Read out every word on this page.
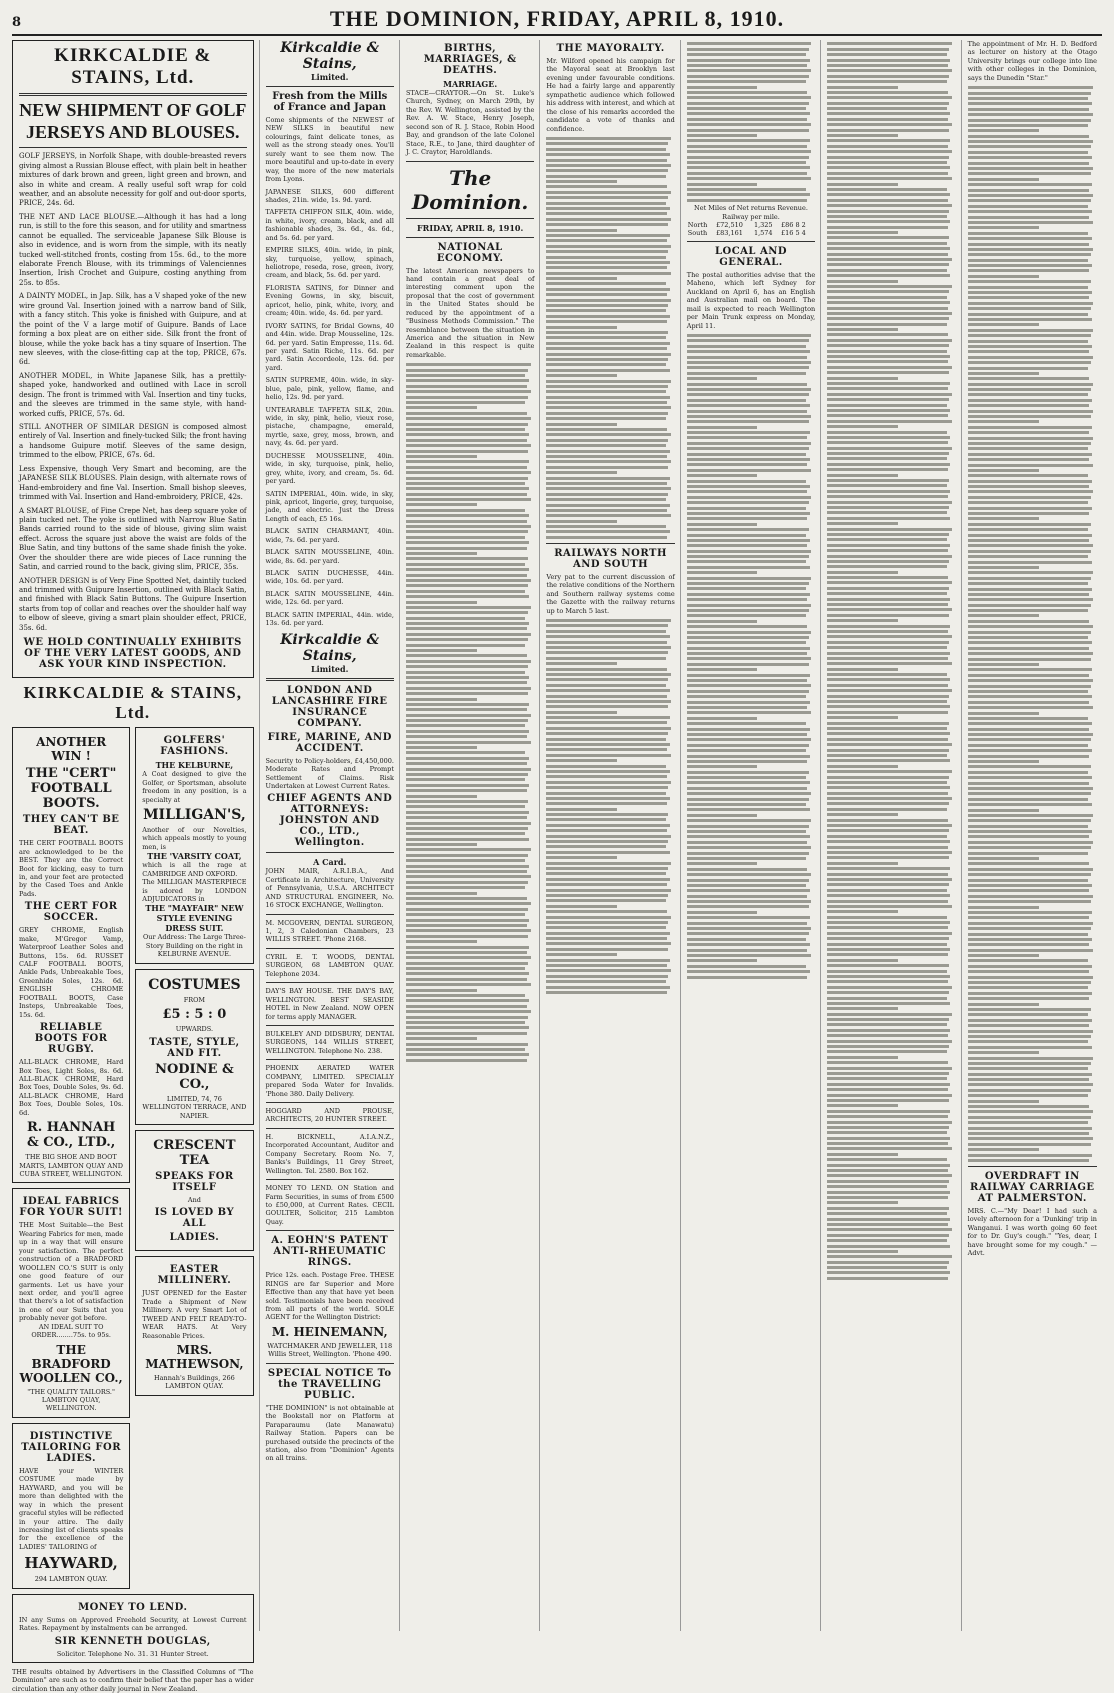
8	THE DOMINION, FRIDAY, APRIL 8, 1910.
KIRKCALDIE & STAINS, Ltd.
NEW SHIPMENT OF GOLF JERSEYS AND BLOUSES.
GOLF JERSEYS, in Norfolk Shape, with double-breasted revers giving almost a Russian Blouse effect, with plain belt in heather mixtures of dark brown and green, light green and brown, and also in white and cream. A really useful soft wrap for cold weather, and an absolute necessity for golf and out-door sports, PRICE, 24s. 6d.
THE NET AND LACE BLOUSE.—Although it has had a long run, is still to the fore this season, and for utility and smartness cannot be equalled. The serviceable Japanese Silk Blouse is also in evidence, and is worn from the simple, with its neatly tucked well-stitched fronts, costing from 15s. 6d., to the more elaborate French Blouse, with its trimmings of Valenciennes Insertion, Irish Crochet and Guipure, costing anything from 25s. to 85s.
A DAINTY MODEL, in Jap. Silk, has a V shaped yoke of the new wire ground Val. Insertion joined with a narrow band of Silk, with a fancy stitch. This yoke is finished with Guipure, and at the point of the V a large motif of Guipure. Bands of Lace forming a box pleat are on either side. Silk front the front of blouse, while the yoke back has a tiny square of Insertion. The new sleeves, with the close-fitting cap at the top, PRICE, 67s. 6d.
ANOTHER MODEL, in White Japanese Silk, has a prettily-shaped yoke, handworked and outlined with Lace in scroll design. The front is trimmed with Val. Insertion and tiny tucks, and the sleeves are trimmed in the same style, with hand-worked cuffs, PRICE, 57s. 6d.
STILL ANOTHER OF SIMILAR DESIGN is composed almost entirely of Val. Insertion and finely-tucked Silk; the front having a handsome Guipure motif. Sleeves of the same design, trimmed to the elbow, PRICE, 67s. 6d.
Less Expensive, though Very Smart and becoming, are the JAPANESE SILK BLOUSES. Plain design, with alternate rows of Hand-embroidery and fine Val. Insertion. Small bishop sleeves, trimmed with Val. Insertion and Hand-embroidery, PRICE, 42s.
A SMART BLOUSE, of Fine Crepe Net, has deep square yoke of plain tucked net. The yoke is outlined with Narrow Blue Satin Bands carried round to the side of blouse, giving slim waist effect. Across the square just above the waist are folds of the Blue Satin, and tiny buttons of the same shade finish the yoke. Over the shoulder there are wide pieces of Lace running the Satin, and carried round to the back, giving slim, PRICE, 35s.
ANOTHER DESIGN is of Very Fine Spotted Net, daintily tucked and trimmed with Guipure Insertion, outlined with Black Satin, and finished with Black Satin Buttons. The Guipure Insertion starts from top of collar and reaches over the shoulder half way to elbow of sleeve, giving a smart plain shoulder effect, PRICE, 35s. 6d.
WE HOLD CONTINUALLY EXHIBITS OF THE VERY LATEST GOODS, AND ASK YOUR KIND INSPECTION.
KIRKCALDIE & STAINS, Ltd.
ANOTHER WIN !
THE "CERT" FOOTBALL BOOTS.
THEY CAN'T BE BEAT.
THE CERT FOOTBALL BOOTS are acknowledged to be the BEST. They are the Correct Boot for kicking, easy to turn in, and your feet are protected by the Cased Toes and Ankle Pads.
THE CERT FOR SOCCER.
GREY CHROME, English make, M'Gregor Vamp, Waterproof Leather Soles and Buttons, 15s. 6d. RUSSET CALF FOOTBALL BOOTS, Ankle Pads, Unbreakable Toes, Greenhide Soles, 12s. 6d. ENGLISH CHROME FOOTBALL BOOTS, Case Insteps, Unbreakable Toes, 15s. 6d.
RELIABLE BOOTS FOR RUGBY.
ALL-BLACK CHROME, Hard Box Toes, Light Soles, 8s. 6d. ALL-BLACK CHROME, Hard Box Toes, Double Soles, 9s. 6d. ALL-BLACK CHROME, Hard Box Toes, Double Soles, 10s. 6d.
R. HANNAH & CO., LTD.,
THE BIG SHOE AND BOOT MARTS, LAMBTON QUAY AND CUBA STREET, WELLINGTON.
IDEAL FABRICS FOR YOUR SUIT!
THE Most Suitable—the Best Wearing Fabrics for men, made up in a way that will ensure your satisfaction. The perfect construction of a BRADFORD WOOLLEN CO.'S SUIT is only one good feature of our garments. Let us have your next order, and you'll agree that there's a lot of satisfaction in one of our Suits that you probably never got before.
AN IDEAL SUIT TO ORDER........75s. to 95s.
THE BRADFORD WOOLLEN CO.,
"THE QUALITY TAILORS." LAMBTON QUAY, WELLINGTON.
DISTINCTIVE TAILORING FOR LADIES.
HAVE your WINTER COSTUME made by HAYWARD, and you will be more than delighted with the way in which the present graceful styles will be reflected in your attire. The daily increasing list of clients speaks for the excellence of the LADIES' TAILORING of
HAYWARD,
294 LAMBTON QUAY.
GOLFERS' FASHIONS.
THE KELBURNE,
A Coat designed to give the Golfer, or Sportsman, absolute freedom in any position, is a specialty at
MILLIGAN'S,
Another of our Novelties, which appeals mostly to young men, is
THE 'VARSITY COAT,
which is all the rage at CAMBRIDGE AND OXFORD.
The MILLIGAN MASTERPIECE is adored by LONDON ADJUDICATORS in
THE "MAYFAIR" NEW STYLE EVENING DRESS SUIT.
Our Address: The Large Three-Story Building on the right in KELBURNE AVENUE.
COSTUMES
FROM
£5 : 5 : 0
UPWARDS.
TASTE, STYLE, AND FIT.
NODINE & CO.,
LIMITED, 74, 76 WELLINGTON TERRACE, AND NAPIER.
CRESCENT TEA
SPEAKS FOR ITSELF
And
IS LOVED BY ALL
LADIES.
EASTER MILLINERY.
JUST OPENED for the Easter Trade a Shipment of New Millinery. A very Smart Lot of TWEED AND FELT READY-TO-WEAR HATS. At Very Reasonable Prices.
MRS. MATHEWSON,
Hannah's Buildings, 266 LAMBTON QUAY.
MONEY TO LEND.
IN any Sums on Approved Freehold Security, at Lowest Current Rates. Repayment by instalments can be arranged.
SIR KENNETH DOUGLAS,
Solicitor. Telephone No. 31. 31 Hunter Street.
THE results obtained by Advertisers in the Classified Columns of "The Dominion" are such as to confirm their belief that the paper has a wider circulation than any other daily journal in New Zealand.
Kirkcaldie & Stains,
Limited.
Fresh from the Mills of France and Japan
Come shipments of the NEWEST of NEW SILKS in beautiful new colourings, faint delicate tones, as well as the strong steady ones. You'll surely want to see them now. The more beautiful and up-to-date in every way, the more of the new materials from Lyons.
JAPANESE SILKS, 600 different shades, 21in. wide, 1s. 9d. yard.
TAFFETA CHIFFON SILK, 40in. wide, in white, ivory, cream, black, and all fashionable shades, 3s. 6d., 4s. 6d., and 5s. 6d. per yard.
EMPIRE SILKS, 40in. wide, in pink, sky, turquoise, yellow, spinach, heliotrope, reseda, rose, green, ivory, cream, and black, 5s. 6d. per yard.
FLORISTA SATINS, for Dinner and Evening Gowns, in sky, biscuit, apricot, helio, pink, white, ivory, and cream; 40in. wide, 4s. 6d. per yard.
IVORY SATINS, for Bridal Gowns, 40 and 44in. wide. Drap Mousseline, 12s. 6d. per yard. Satin Empresse, 11s. 6d. per yard. Satin Riche, 11s. 6d. per yard. Satin Accordeole, 12s. 6d. per yard.
SATIN SUPREME, 40in. wide, in sky-blue, pale, pink, yellow, flame, and helio, 12s. 9d. per yard.
UNTEARABLE TAFFETA SILK, 20in. wide, in sky, pink, helio, vieux rose, pistache, champagne, emerald, myrtle, saxe, grey, moss, brown, and navy, 4s. 6d. per yard.
DUCHESSE MOUSSELINE, 40in. wide, in sky, turquoise, pink, helio, grey, white, ivory, and cream, 5s. 6d. per yard.
SATIN IMPERIAL, 40in. wide, in sky, pink, apricot, lingerie, grey, turquoise, jade, and electric. Just the Dress Length of each, £5 16s.
BLACK SATIN CHARMANT, 40in. wide, 7s. 6d. per yard.
BLACK SATIN MOUSSELINE, 40in. wide, 8s. 6d. per yard.
BLACK SATIN DUCHESSE, 44in. wide, 10s. 6d. per yard.
BLACK SATIN MOUSSELINE, 44in. wide, 12s. 6d. per yard.
BLACK SATIN IMPERIAL, 44in. wide, 13s. 6d. per yard.
Kirkcaldie & Stains,
Limited.
LONDON AND LANCASHIRE FIRE INSURANCE COMPANY.
FIRE, MARINE, AND ACCIDENT.
Security to Policy-holders, £4,450,000. Moderate Rates and Prompt Settlement of Claims. Risk Undertaken at Lowest Current Rates.
CHIEF AGENTS AND ATTORNEYS: JOHNSTON AND CO., LTD., Wellington.
A Card.
JOHN MAIR, A.R.I.B.A., And Certificate in Architecture, University of Pennsylvania, U.S.A. ARCHITECT AND STRUCTURAL ENGINEER, No. 16 STOCK EXCHANGE, Wellington.
M. MCGOVERN, DENTAL SURGEON, 1, 2, 3 Caledonian Chambers, 23 WILLIS STREET. 'Phone 2168.
CYRIL E. T. WOODS, DENTAL SURGEON, 68 LAMBTON QUAY. Telephone 2034.
DAY'S BAY HOUSE. THE DAY'S BAY, WELLINGTON. BEST SEASIDE HOTEL in New Zealand. NOW OPEN for terms apply MANAGER.
BULKELEY AND DIDSBURY, DENTAL SURGEONS, 144 WILLIS STREET, WELLINGTON. Telephone No. 238.
PHOENIX AERATED WATER COMPANY, LIMITED. SPECIALLY prepared Soda Water for Invalids. 'Phone 380. Daily Delivery.
HOGGARD AND PROUSE, ARCHITECTS, 20 HUNTER STREET.
H. BICKNELL, A.I.A.N.Z., Incorporated Accountant, Auditor and Company Secretary. Room No. 7, Banks's Buildings, 11 Grey Street, Wellington. Tel. 2580. Box 162.
MONEY TO LEND. ON Station and Farm Securities, in sums of from £500 to £50,000, at Current Rates. CECIL GOULTER, Solicitor, 215 Lambton Quay.
A. EOHN'S PATENT ANTI-RHEUMATIC RINGS.
Price 12s. each. Postage Free. THESE RINGS are far Superior and More Effective than any that have yet been sold. Testimonials have been received from all parts of the world. SOLE AGENT for the Wellington District:
M. HEINEMANN,
WATCHMAKER AND JEWELLER, 118 Willis Street, Wellington. 'Phone 490.
SPECIAL NOTICE To the TRAVELLING PUBLIC.
"THE DOMINION" is not obtainable at the Bookstall nor on Platform at Paraparaumu (late Manawatu) Railway Station. Papers can be purchased outside the precincts of the station, also from "Dominion" Agents on all trains.
BIRTHS, MARRIAGES, & DEATHS.
MARRIAGE.
STACE—CRAYTOR.—On St. Luke's Church, Sydney, on March 29th, by the Rev. W. Wellington, assisted by the Rev. A. W. Stace, Henry Joseph, second son of R. J. Stace, Robin Hood Bay, and grandson of the late Colonel Stace, R.E., to Jane, third daughter of J. C. Craytor, Haroldlands.
The Dominion.
FRIDAY, APRIL 8, 1910.
NATIONAL ECONOMY.
The latest American newspapers to hand contain a great deal of interesting comment upon the proposal that the cost of government in the United States should be reduced by the appointment of a "Business Methods Commission." The resemblance between the situation in America and the situation in New Zealand in this respect is quite remarkable.
THE MAYORALTY.
Mr. Wilford opened his campaign for the Mayoral seat at Brooklyn last evening under favourable conditions. He had a fairly large and apparently sympathetic audience which followed his address with interest, and which at the close of his remarks accorded the candidate a vote of thanks and confidence.
RAILWAYS NORTH AND SOUTH
Very pat to the current discussion of the relative conditions of the Northern and Southern railway systems come the Gazette with the railway returns up to March 5 last.
Net Miles of Net returns Revenue. Railway per mile.
North	£72,510	1,325	£86 8 2
South	£83,161	1,574	£16 5 4
LOCAL AND GENERAL.
The postal authorities advise that the Maheno, which left Sydney for Auckland on April 6, has an English and Australian mail on board. The mail is expected to reach Wellington per Main Trunk express on Monday, April 11.
The appointment of Mr. H. D. Bedford as lecturer on history at the Otago University brings our college into line with other colleges in the Dominion, says the Dunedin "Star."
OVERDRAFT IN RAILWAY CARRIAGE AT PALMERSTON.
MRS. C.—"My Dear! I had such a lovely afternoon for a 'Dunking' trip in Wanganui. I was worth going 60 feet for to Dr. Guy's cough." "Yes, dear, I have brought some for my cough." —Advt.
